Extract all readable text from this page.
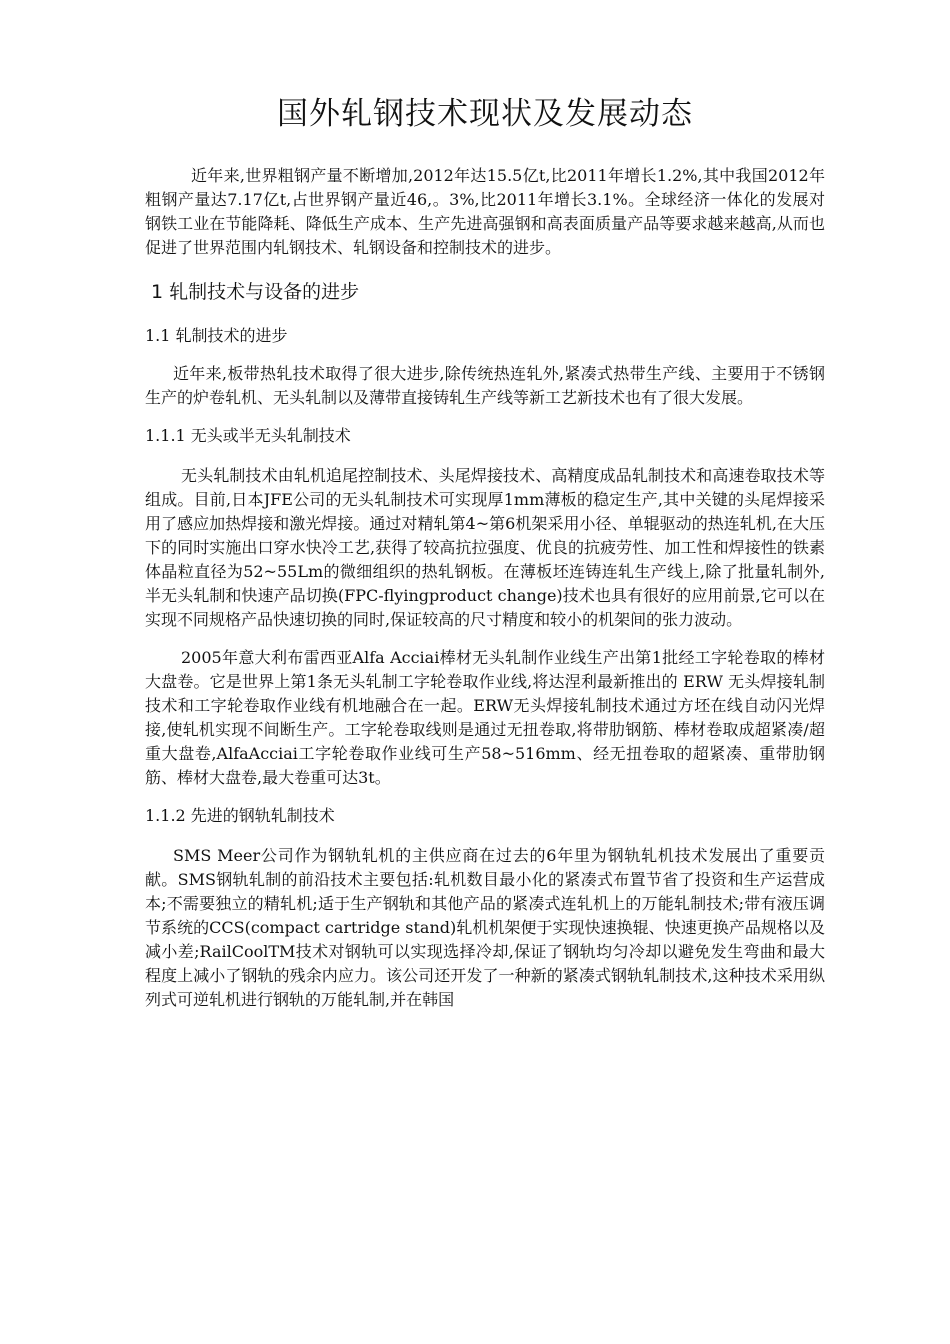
国外轧钢技术现状及发展动态

近年来,世界粗钢产量不断增加,2012年达15.5亿t,比2011年增长1.2%,其中我国2012年粗钢产量达7.17亿t,占世界钢产量近46,。3%,比2011年增长3.1%。全球经济一体化的发展对钢铁工业在节能降耗、降低生产成本、生产先进高强钢和高表面质量产品等要求越来越高,从而也促进了世界范围内轧钢技术、轧钢设备和控制技术的进步。

1 轧制技术与设备的进步
1.1 轧制技术的进步

近年来,板带热轧技术取得了很大进步,除传统热连轧外,紧凑式热带生产线、主要用于不锈钢生产的炉卷轧机、无头轧制以及薄带直接铸轧生产线等新工艺新技术也有了很大发展。

1.1.1 无头或半无头轧制技术

无头轧制技术由轧机追尾控制技术、头尾焊接技术、高精度成品轧制技术和高速卷取技术等组成。目前,日本JFE公司的无头轧制技术可实现厚1mm薄板的稳定生产,其中关键的头尾焊接采用了感应加热焊接和激光焊接。通过对精轧第4~第6机架采用小径、单辊驱动的热连轧机,在大压下的同时实施出口穿水快冷工艺,获得了较高抗拉强度、优良的抗疲劳性、加工性和焊接性的铁素体晶粒直径为52~55Lm的微细组织的热轧钢板。在薄板坯连铸连轧生产线上,除了批量轧制外,半无头轧制和快速产品切换(FPC-flyingproduct change)技术也具有很好的应用前景,它可以在实现不同规格产品快速切换的同时,保证较高的尺寸精度和较小的机架间的张力波动。

2005年意大利布雷西亚Alfa Acciai棒材无头轧制作业线生产出第1批经工字轮卷取的棒材大盘卷。它是世界上第1条无头轧制工字轮卷取作业线,将达涅利最新推出的 ERW 无头焊接轧制技术和工字轮卷取作业线有机地融合在一起。ERW无头焊接轧制技术通过方坯在线自动闪光焊接,使轧机实现不间断生产。工字轮卷取线则是通过无扭卷取,将带肋钢筋、棒材卷取成超紧凑/超重大盘卷,AlfaAcciai工字轮卷取作业线可生产58~516mm、经无扭卷取的超紧凑、重带肋钢筋、棒材大盘卷,最大卷重可达3t。

1.1.2 先进的钢轨轧制技术

SMS Meer公司作为钢轨轧机的主供应商在过去的6年里为钢轨轧机技术发展出了重要贡献。SMS钢轨轧制的前沿技术主要包括:轧机数目最小化的紧凑式布置节省了投资和生产运营成本;不需要独立的精轧机;适于生产钢轨和其他产品的紧凑式连轧机上的万能轧制技术;带有液压调节系统的CCS(compact cartridge stand)轧机机架便于实现快速换辊、快速更换产品规格以及减小差;RailCoolTM技术对钢轨可以实现选择冷却,保证了钢轨均匀冷却以避免发生弯曲和最大程度上减小了钢轨的残余内应力。该公司还开发了一种新的紧凑式钢轨轧制技术,这种技术采用纵列式可逆轧机进行钢轨的万能轧制,并在韩国
